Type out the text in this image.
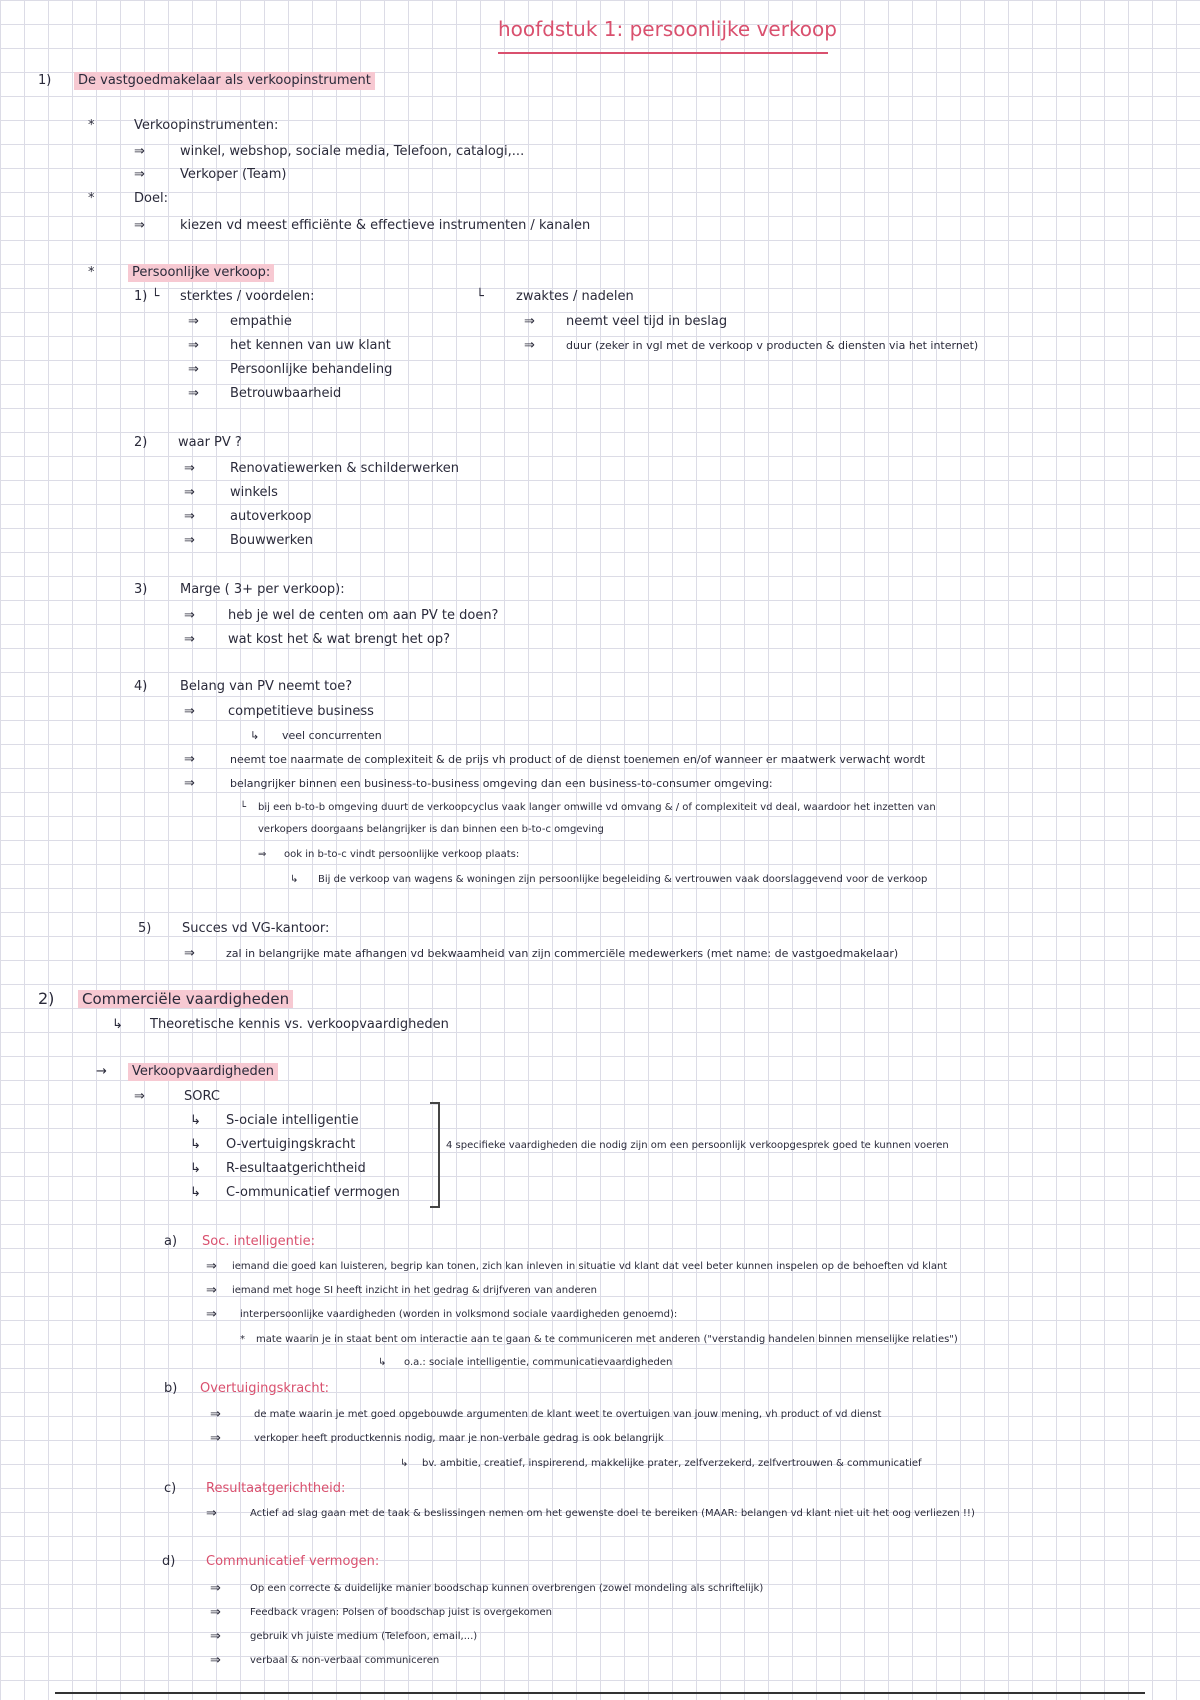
hoofdstuk 1: persoonlijke verkoop
1)	De vastgoedmakelaar als verkoopinstrument
*	Verkoopinstrumenten:
⇒	winkel, webshop, sociale media, Telefoon, catalogi,...
⇒	Verkoper (Team)
*	Doel:
⇒	kiezen vd meest efficiënte & effectieve instrumenten / kanalen
*	Persoonlijke verkoop:
1) └ sterktes / voordelen:
⇒ empathie
⇒ het kennen van uw klant
⇒ Persoonlijke behandeling
⇒ Betrouwbaarheid
└ zwaktes / nadelen
⇒ neemt veel tijd in beslag
⇒	duur (zeker in vgl met de verkoop v producten & diensten via het internet)
2) waar PV ?
⇒	Renovatiewerken & schilderwerken
⇒	winkels
⇒	autoverkoop
⇒	Bouwwerken
3)	Marge ( 3+ per verkoop):
⇒	heb je wel de centen om aan PV te doen?
⇒	wat kost het & wat brengt het op?
4)	Belang van PV neemt toe?
⇒	competitieve business
↳ veel concurrenten
⇒	neemt toe naarmate de complexiteit & de prijs vh product of de dienst toenemen en/of wanneer er maatwerk verwacht wordt
⇒	belangrijker binnen een business-to-business omgeving dan een business-to-consumer omgeving:
└ bij een b-to-b omgeving duurt de verkoopcyclus vaak langer omwille vd omvang & / of complexiteit vd deal, waardoor het inzetten van
verkopers doorgaans belangrijker is dan binnen een b-to-c omgeving
⇒ ook in b-to-c vindt persoonlijke verkoop plaats:
↳ Bij de verkoop van wagens & woningen zijn persoonlijke begeleiding & vertrouwen vaak doorslaggevend voor de verkoop
5) Succes vd VG-kantoor:
⇒	zal in belangrijke mate afhangen vd bekwaamheid van zijn commerciële medewerkers (met name: de vastgoedmakelaar)
2) Commerciële vaardigheden
↳ Theoretische kennis vs. verkoopvaardigheden
→	Verkoopvaardigheden
⇒	SORC
↳ S-ociale intelligentie
↳ O-vertuigingskracht
↳ R-esultaatgerichtheid
↳ C-ommunicatief vermogen
4 specifieke vaardigheden die nodig zijn om een persoonlijk verkoopgesprek goed te kunnen voeren
a) Soc. intelligentie:
⇒ iemand die goed kan luisteren, begrip kan tonen, zich kan inleven in situatie vd klant dat veel beter kunnen inspelen op de behoeften vd klant
⇒ iemand met hoge SI heeft inzicht in het gedrag & drijfveren van anderen
⇒ interpersoonlijke vaardigheden (worden in volksmond sociale vaardigheden genoemd):
* mate waarin je in staat bent om interactie aan te gaan & te communiceren met anderen ("verstandig handelen binnen menselijke relaties")
↳ o.a.: sociale intelligentie, communicatievaardigheden
b) Overtuigingskracht:
⇒	de mate waarin je met goed opgebouwde argumenten de klant weet te overtuigen van jouw mening, vh product of vd dienst
⇒	verkoper heeft productkennis nodig, maar je non-verbale gedrag is ook belangrijk
↳ bv. ambitie, creatief, inspirerend, makkelijke prater, zelfverzekerd, zelfvertrouwen & communicatief
c) Resultaatgerichtheid:
⇒	Actief ad slag gaan met de taak & beslissingen nemen om het gewenste doel te bereiken (MAAR: belangen vd klant niet uit het oog verliezen !!)
d) Communicatief vermogen:
⇒	Op een correcte & duidelijke manier boodschap kunnen overbrengen (zowel mondeling als schriftelijk)
⇒	Feedback vragen: Polsen of boodschap juist is overgekomen
⇒	gebruik vh juiste medium (Telefoon, email,...)
⇒	verbaal & non-verbaal communiceren
